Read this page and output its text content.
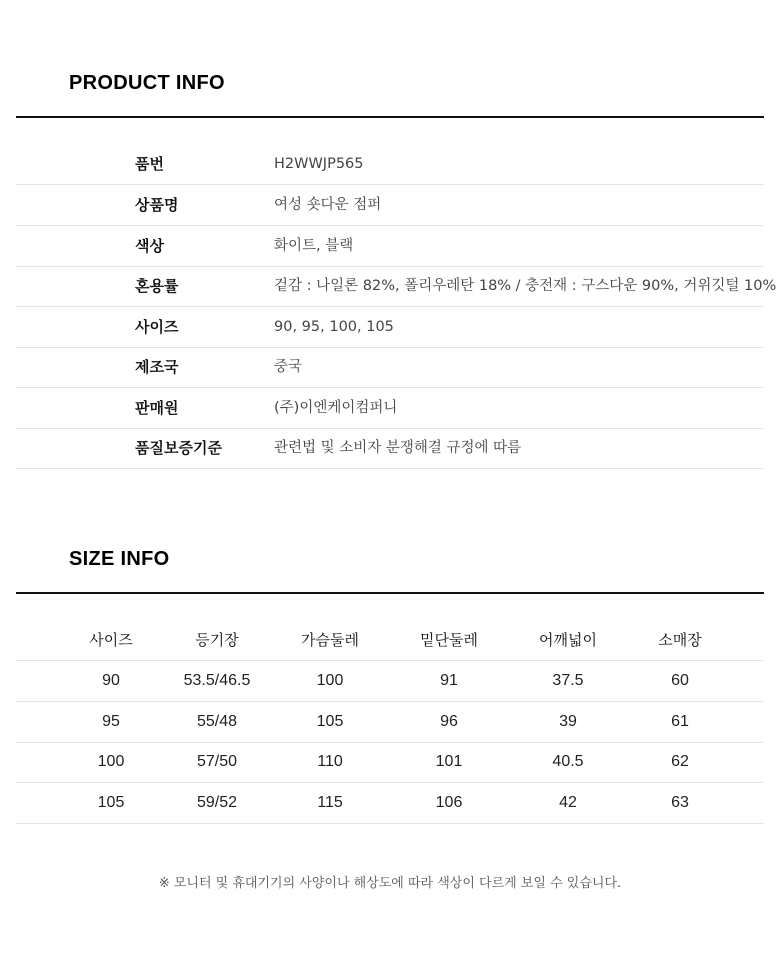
PRODUCT INFO
품번	H2WWJP565
상품명	여성 숏다운 점퍼
색상	화이트, 블랙
혼용률	겉감 : 나일론 82%, 폴리우레탄 18% / 충전재 : 구스다운 90%, 거위깃털 10%
사이즈	90, 95, 100, 105
제조국	중국
판매원	(주)이엔케이컴퍼니
품질보증기준	관련법 및 소비자 분쟁해결 규정에 따름
SIZE INFO
사이즈	등기장	가슴둘레	밑단둘레	어깨넓이	소매장
90	53.5/46.5	100	91	37.5	60
95	55/48	105	96	39	61
100	57/50	110	101	40.5	62
105	59/52	115	106	42	63
※ 모니터 및 휴대기기의 사양이나 해상도에 따라 색상이 다르게 보일 수 있습니다.
